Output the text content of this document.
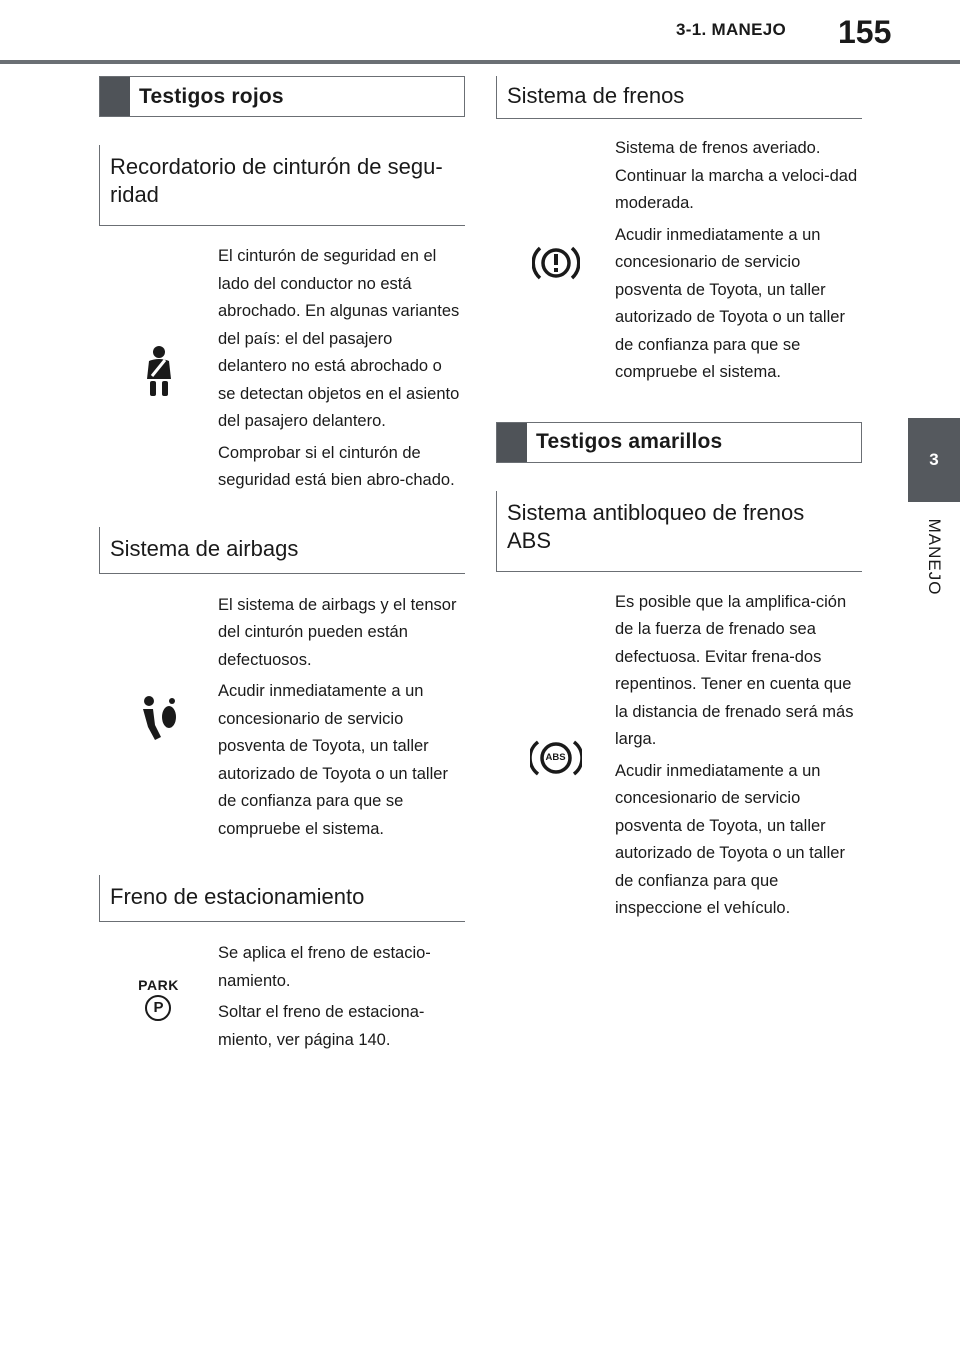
3-1. MANEJO 155
3
MANEJO
Testigos rojos
Recordatorio de cinturón de segu-
ridad

El cinturón de seguridad en el lado del conductor no está abrochado. En algunas variantes del país: el del pasajero delantero no está abrochado o se detectan objetos en el asiento del pasajero delantero.

Comprobar si el cinturón de seguridad está bien abro-chado.

Sistema de airbags

El sistema de airbags y el tensor del cinturón pueden están defectuosos.

Acudir inmediatamente a un concesionario de servicio posventa de Toyota, un taller autorizado de Toyota o un taller de confianza para que se compruebe el sistema.

Freno de estacionamiento
PARK
P

Se aplica el freno de estacio-namiento.

Soltar el freno de estaciona-miento, ver página 140.

Sistema de frenos

Sistema de frenos averiado. Continuar la marcha a veloci-dad moderada.

Acudir inmediatamente a un concesionario de servicio posventa de Toyota, un taller autorizado de Toyota o un taller de confianza para que se compruebe el sistema.

Testigos amarillos
Sistema antibloqueo de frenos ABS
ABS

Es posible que la amplifica-ción de la fuerza de frenado sea defectuosa. Evitar frena-dos repentinos. Tener en cuenta que la distancia de frenado será más larga.

Acudir inmediatamente a un concesionario de servicio posventa de Toyota, un taller autorizado de Toyota o un taller de confianza para que inspeccione el vehículo.
